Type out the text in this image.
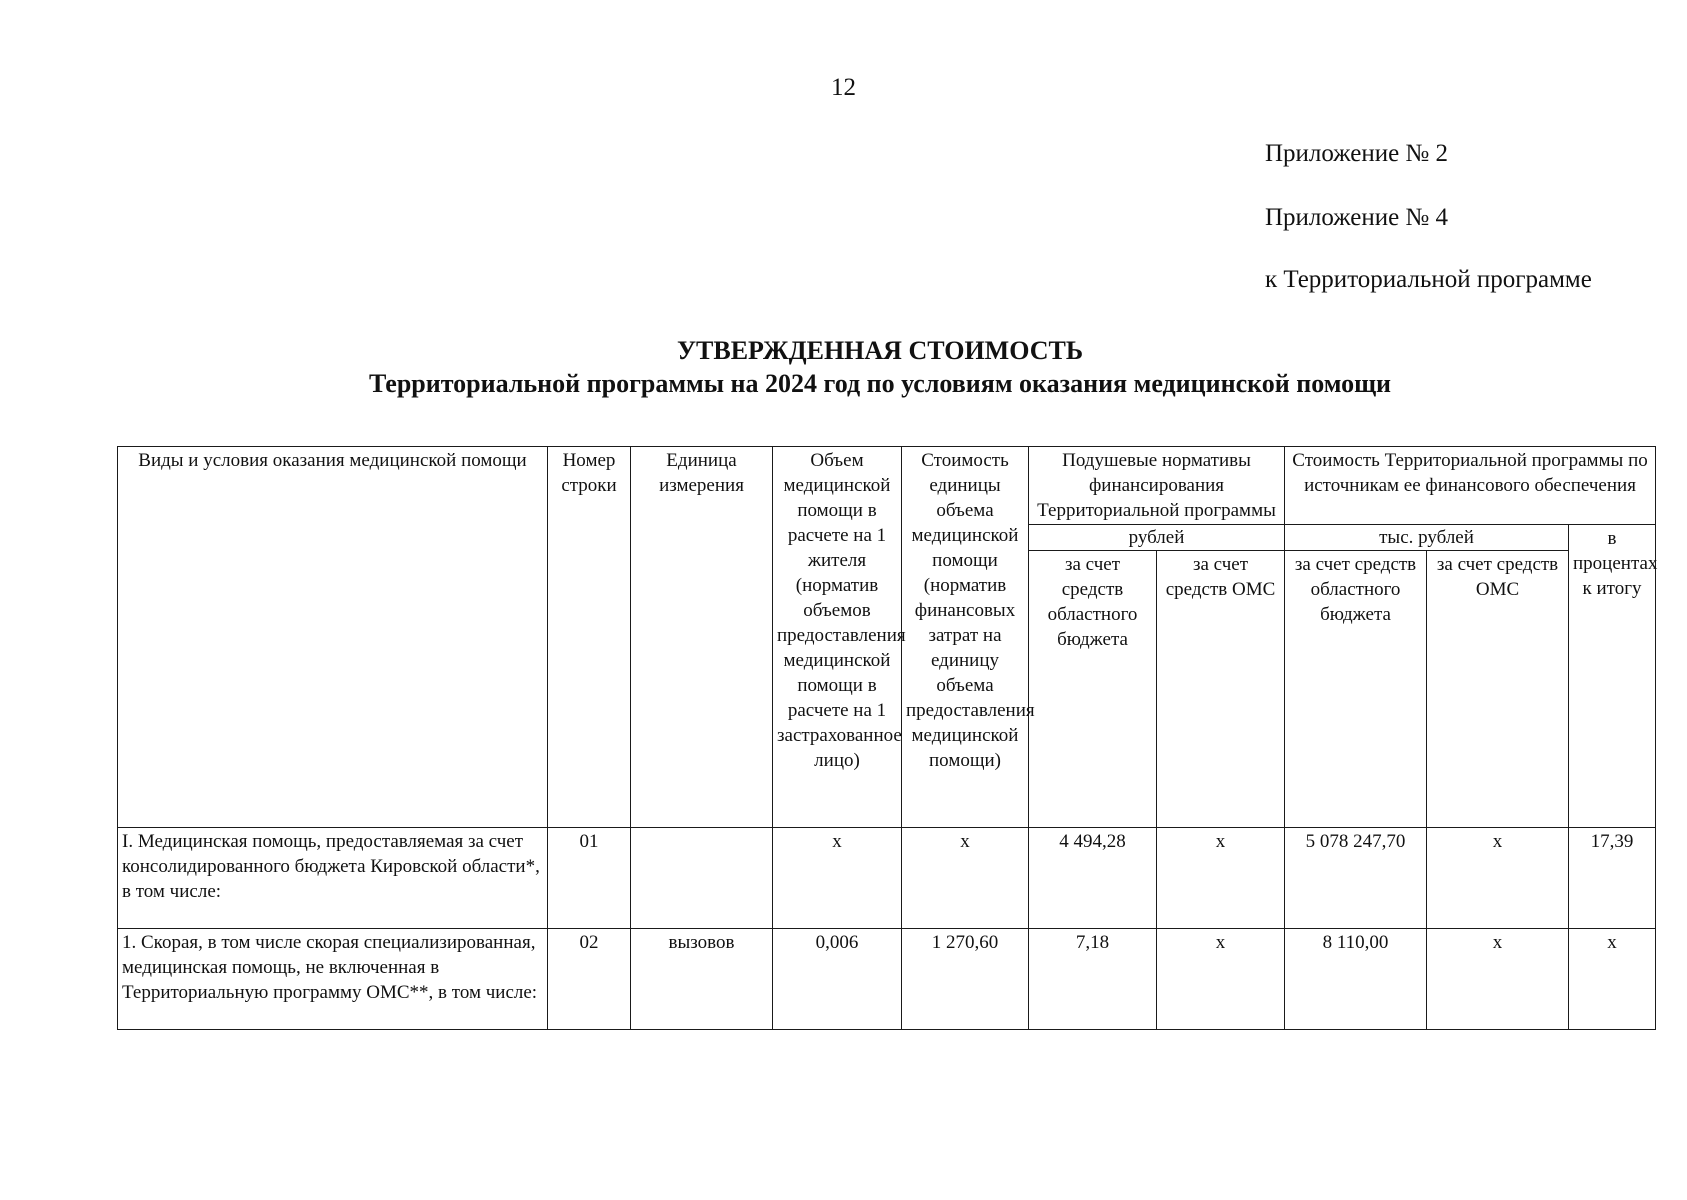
12
Приложение № 2
Приложение № 4
к Территориальной программе
УТВЕРЖДЕННАЯ СТОИМОСТЬ
Территориальной программы на 2024 год по условиям оказания медицинской помощи
Виды и условия оказания медицинской помощи	Номер строки	Единица измерения	Объем медицинской помощи в расчете на 1 жителя (норматив объемов предоставления медицинской помощи в расчете на 1 застрахованное лицо)	Стоимость единицы объема медицинской помощи (норматив финансовых затрат на единицу объема предоставления медицинской помощи)	Подушевые нормативы финансирования Территориальной программы		Стоимость Территориальной программы по источникам ее финансового обеспечения		
					рублей		тыс. рублей		в процентах к итогу
					за счет средств областного бюджета	за счет средств ОМС	за счет средств областного бюджета	за счет средств ОМС	
I. Медицинская помощь, предоставляемая за счет консолидированного бюджета Кировской области*, в том числе:	01		х	х	4 494,28	х	5 078 247,70	х	17,39
1. Скорая, в том числе скорая специализированная, медицинская помощь, не включенная в Территориальную программу ОМС**, в том числе:	02	вызовов	0,006	1 270,60	7,18	х	8 110,00	х	х
